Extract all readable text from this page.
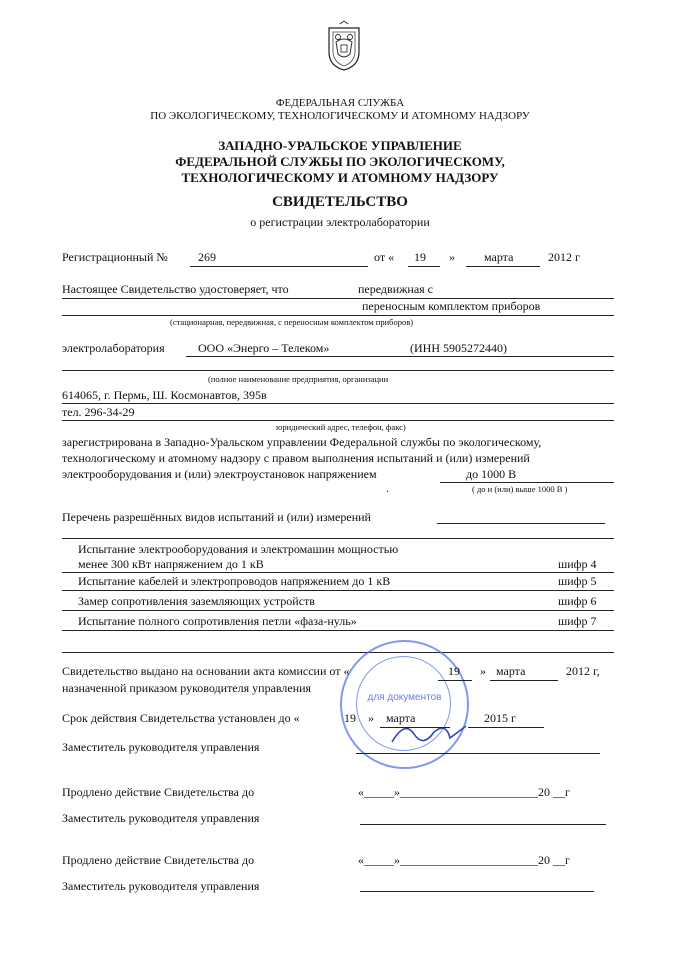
ФЕДЕРАЛЬНАЯ СЛУЖБА
ПО ЭКОЛОГИЧЕСКОМУ, ТЕХНОЛОГИЧЕСКОМУ И АТОМНОМУ НАДЗОРУ
ЗАПАДНО-УРАЛЬСКОЕ УПРАВЛЕНИЕ
ФЕДЕРАЛЬНОЙ СЛУЖБЫ ПО ЭКОЛОГИЧЕСКОМУ,
ТЕХНОЛОГИЧЕСКОМУ И АТОМНОМУ НАДЗОРУ
СВИДЕТЕЛЬСТВО
о регистрации электролаборатории
Регистрационный №	269	от « 19 » марта	2012 г
Настоящее Свидетельство удостоверяет, что	передвижная с
переносным комплектом приборов
(стационарная, передвижная, с переносным комплектом приборов)
электролаборатория	ООО «Энерго – Телеком»	(ИНН 5905272440)
(полное наименование предприятия, организации
614065, г. Пермь, Ш. Космонавтов, 395в
тел. 296-34-29
юридический адрес, телефон, факс)
зарегистрирована в Западно-Уральском управлении Федеральной службы по экологическому,
технологическому и атомному надзору с правом выполнения испытаний и (или) измерений
электрооборудования и (или) электроустановок напряжением	до 1000 В
.	( до и (или) выше 1000 В )
Перечень разрешённых видов испытаний и (или) измерений
Испытание электрооборудования и электромашин мощностью
менее 300 кВт напряжением до 1 кВ	шифр 4
Испытание кабелей и электропроводов напряжением до 1 кВ	шифр 5
Замер сопротивления заземляющих устройств	шифр 6
Испытание полного сопротивления петли «фаза-нуль»	шифр 7
для документов
Свидетельство выдано на основании акта комиссии от «	19 » марта	2012 г,
назначенной приказом руководителя управления
Срок действия Свидетельства установлен до «	19 » марта	2015 г
Заместитель руководителя управления
Продлено действие Свидетельства до	«_____»_______________________20 __г
Заместитель руководителя управления
Продлено действие Свидетельства до	«_____»_______________________20 __г
Заместитель руководителя управления
